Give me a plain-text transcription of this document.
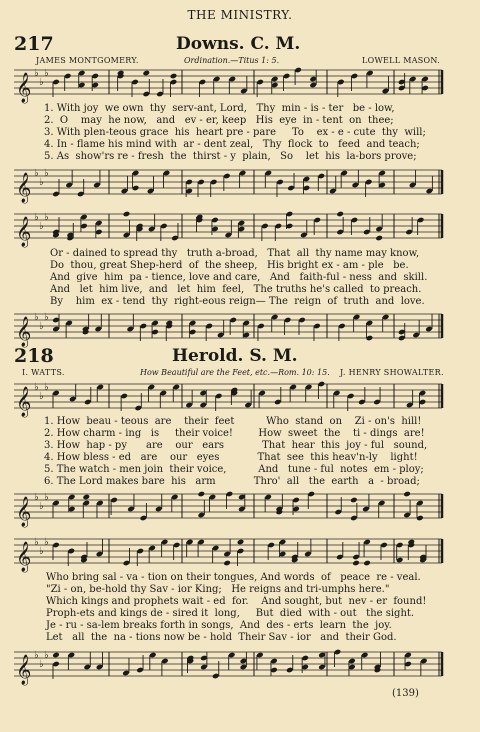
THE MINISTRY.
217	Downs. C. M.
JAMES MONTGOMERY.	Ordination.—Titus 1: 5.	LOWELL MASON.
𝄞 ♭
♭
♭
1. With joy  we own  thy  serv-ant, Lord,   Thy  min - is - ter   be - low,
2.  O    may  he now,   and   ev - er, keep   His  eye  in - tent  on  thee;
3. With plen-teous grace  his  heart pre - pare     To    ex - e - cute  thy  will;
4. In - flame his mind with  ar - dent zeal,   Thy  flock  to   feed  and teach;
5. As  show'rs re - fresh  the  thirst - y  plain,   So    let  his  la-bors prove;
𝄞 ♭
♭
♭
𝄞 ♭
♭
♭
Or - dained to spread thy   truth a-broad,   That  all  thy name may know,
Do  thou, great Shep-herd  of  the sheep,   His bright ex - am - ple   be.
And  give  him  pa - tience, love and care,   And   faith-ful - ness  and  skill.
And   let  him live,  and   let  him  feel,   The truths he's called  to preach.
By    him  ex - tend  thy  right-eous reign— The  reign  of  truth  and  love.
𝄞 ♭
♭
♭
218	Herold. S. M.
I. WATTS.	How Beautiful are the Feet, etc.—Rom. 10: 15. J. HENRY SHOWALTER.
𝄞 ♭
♭
♭
1. How  beau - teous  are    their  feet          Who  stand  on    Zi - on's  hill!
2. How charm - ing   is     their voice!        How  sweet  the    ti - dings  are!
3. How  hap - py      are    our   ears            That  hear  this  joy - ful   sound,
4. How bless - ed   are    our   eyes            That  see  this heav'n-ly    light!
5. The watch - men join  their voice,          And   tune - ful  notes  em - ploy;
6. The Lord makes bare  his   arm            Thro'  all   the  earth   a  - broad;
𝄞 ♭
♭
♭
𝄞 ♭
♭
♭
Who bring sal - va - tion on their tongues, And words  of   peace  re - veal.
"Zi - on, be-hold thy Sav - ior King;   He reigns and tri-umphs here."
Which kings and prophets wait - ed  for.    And sought, but  nev - er  found!
Proph-ets and kings de - sired it  long,     But  died  with - out   the sight.
Je - ru - sa-lem breaks forth in songs,  And  des - erts  learn  the  joy.
Let   all  the  na - tions now be - hold  Their Sav - ior   and  their God.
𝄞 ♭
♭
♭
(139)
